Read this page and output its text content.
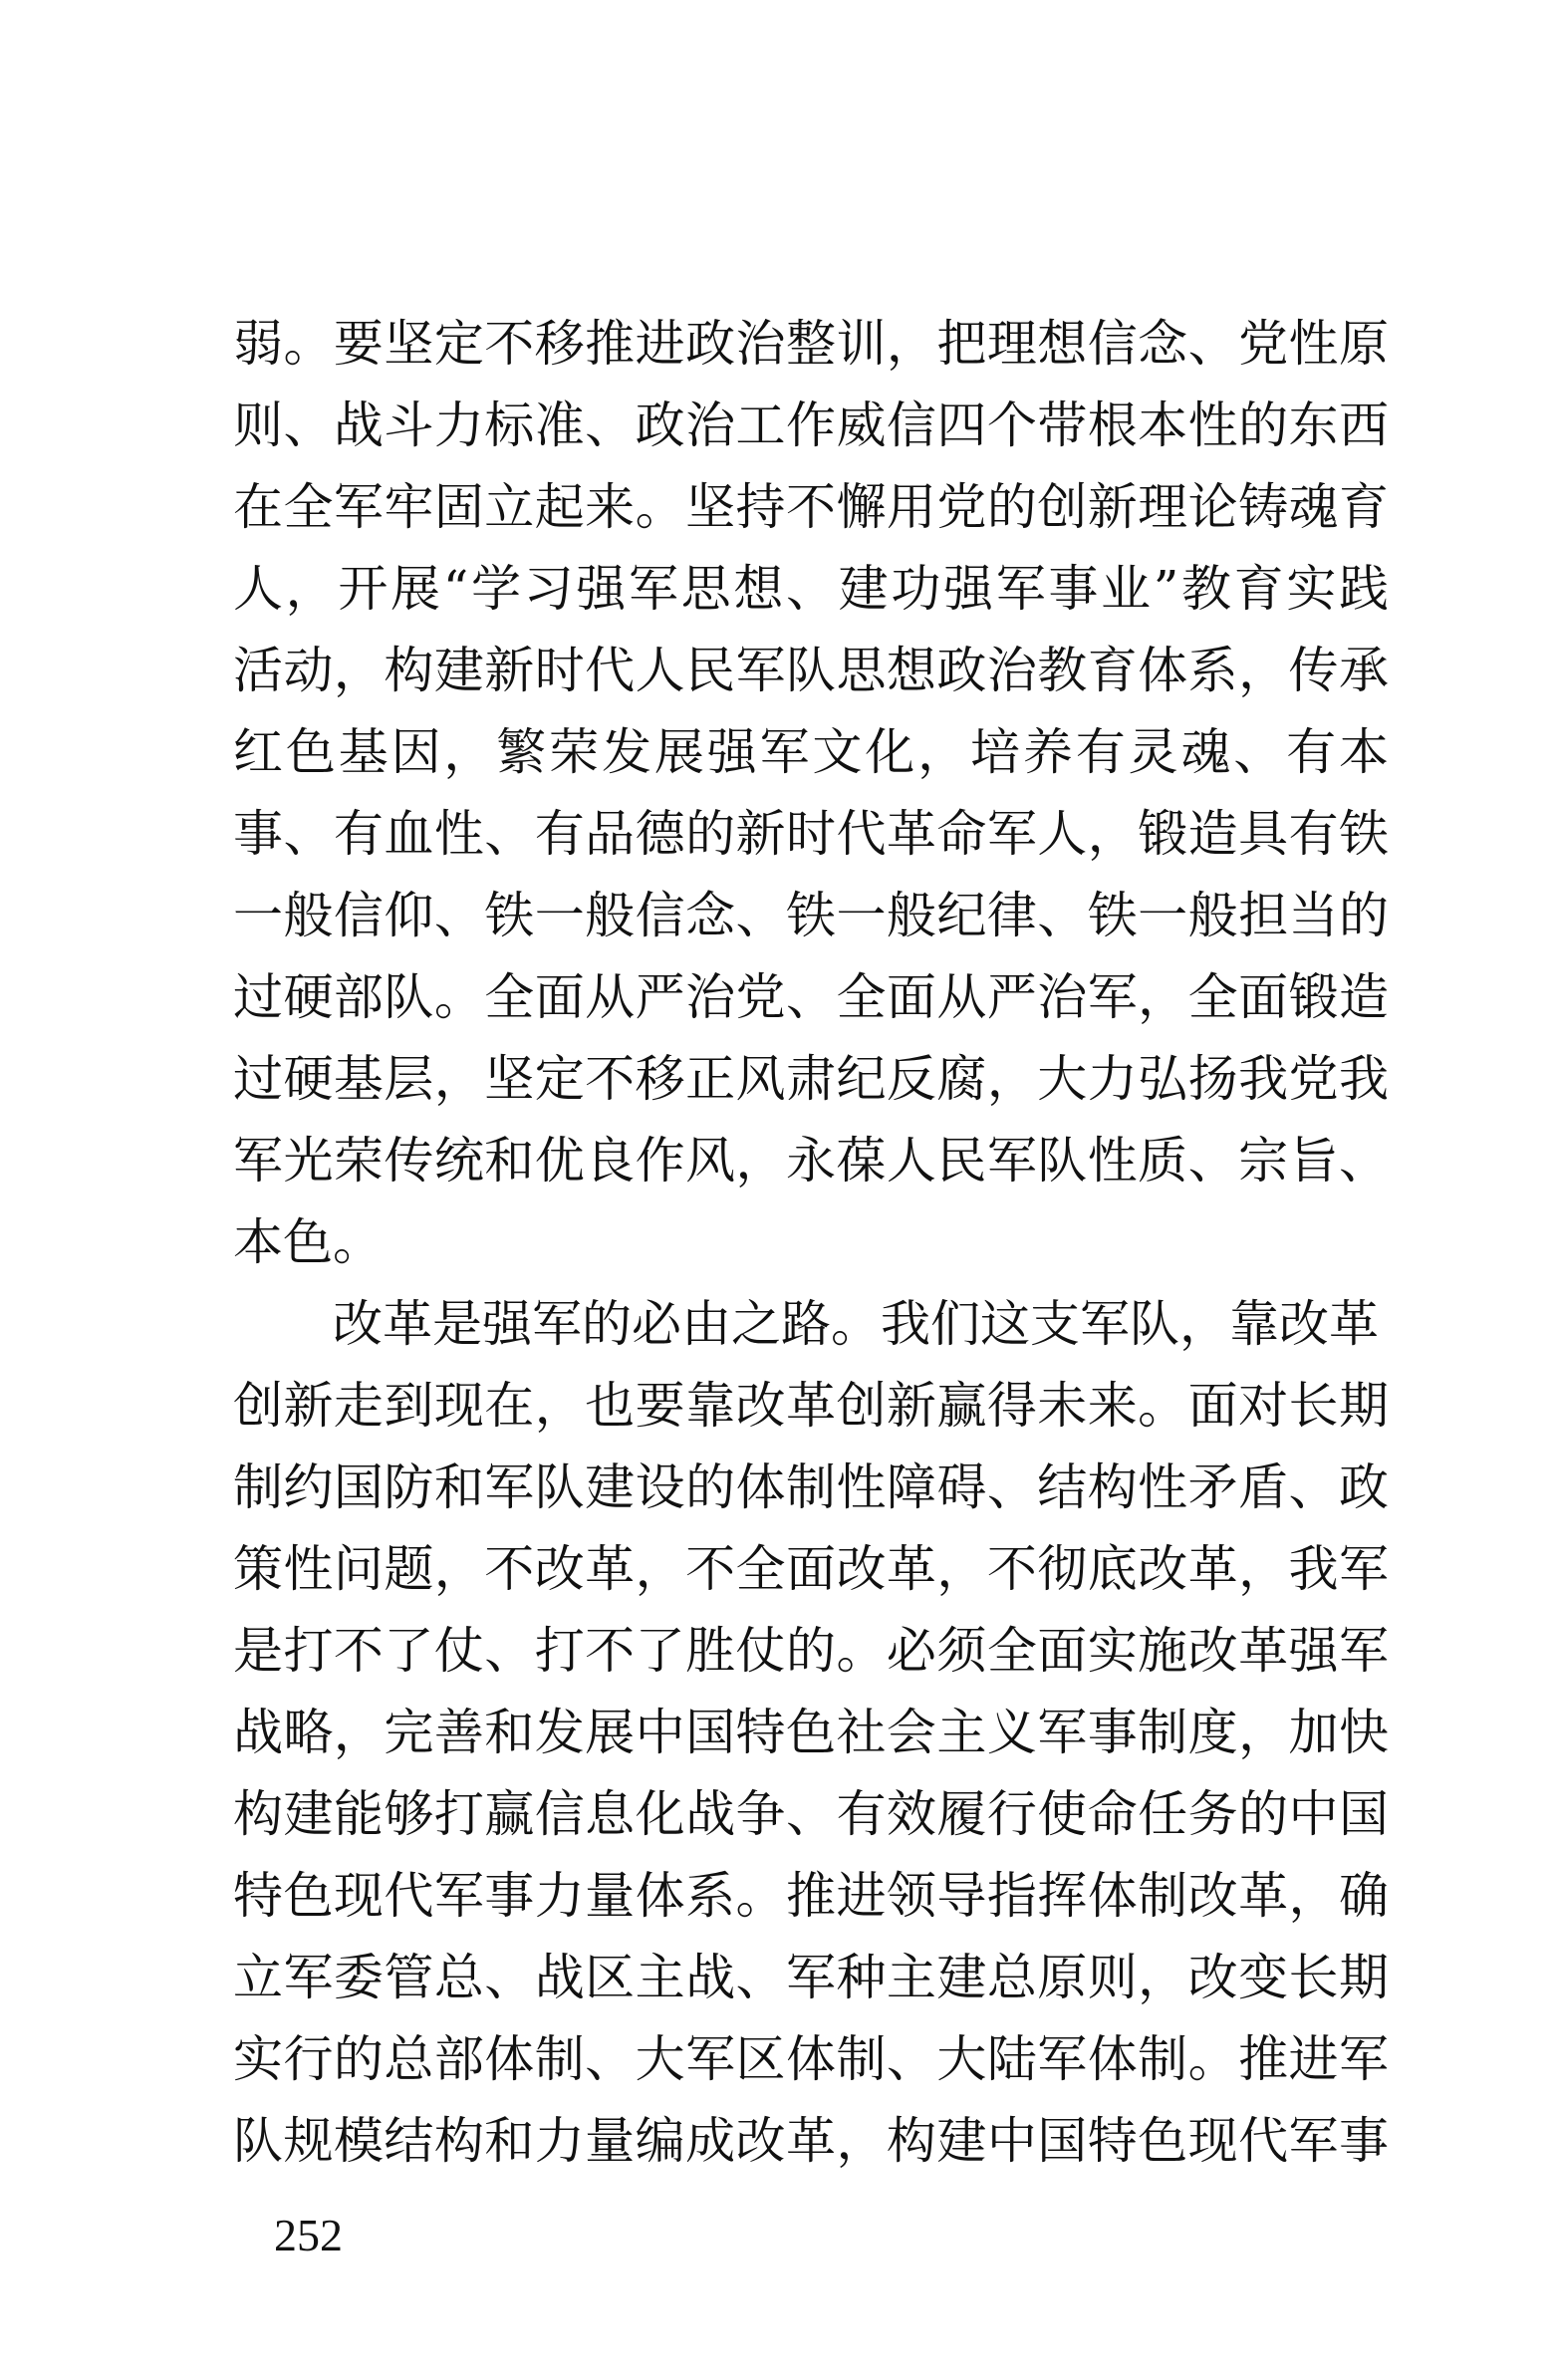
弱。要坚定不移推进政治整训，把理想信念、党性原
则、战斗力标准、政治工作威信四个带根本性的东西
在全军牢固立起来。坚持不懈用党的创新理论铸魂育
人，开展“学习强军思想、建功强军事业”教育实践
活动，构建新时代人民军队思想政治教育体系，传承
红色基因，繁荣发展强军文化，培养有灵魂、有本
事、有血性、有品德的新时代革命军人，锻造具有铁
一般信仰、铁一般信念、铁一般纪律、铁一般担当的
过硬部队。全面从严治党、全面从严治军，全面锻造
过硬基层，坚定不移正风肃纪反腐，大力弘扬我党我
军光荣传统和优良作风，永葆人民军队性质、宗旨、
本色。
　　改革是强军的必由之路。我们这支军队，靠改革
创新走到现在，也要靠改革创新赢得未来。面对长期
制约国防和军队建设的体制性障碍、结构性矛盾、政
策性问题，不改革，不全面改革，不彻底改革，我军
是打不了仗、打不了胜仗的。必须全面实施改革强军
战略，完善和发展中国特色社会主义军事制度，加快
构建能够打赢信息化战争、有效履行使命任务的中国
特色现代军事力量体系。推进领导指挥体制改革，确
立军委管总、战区主战、军种主建总原则，改变长期
实行的总部体制、大军区体制、大陆军体制。推进军
队规模结构和力量编成改革，构建中国特色现代军事
252
